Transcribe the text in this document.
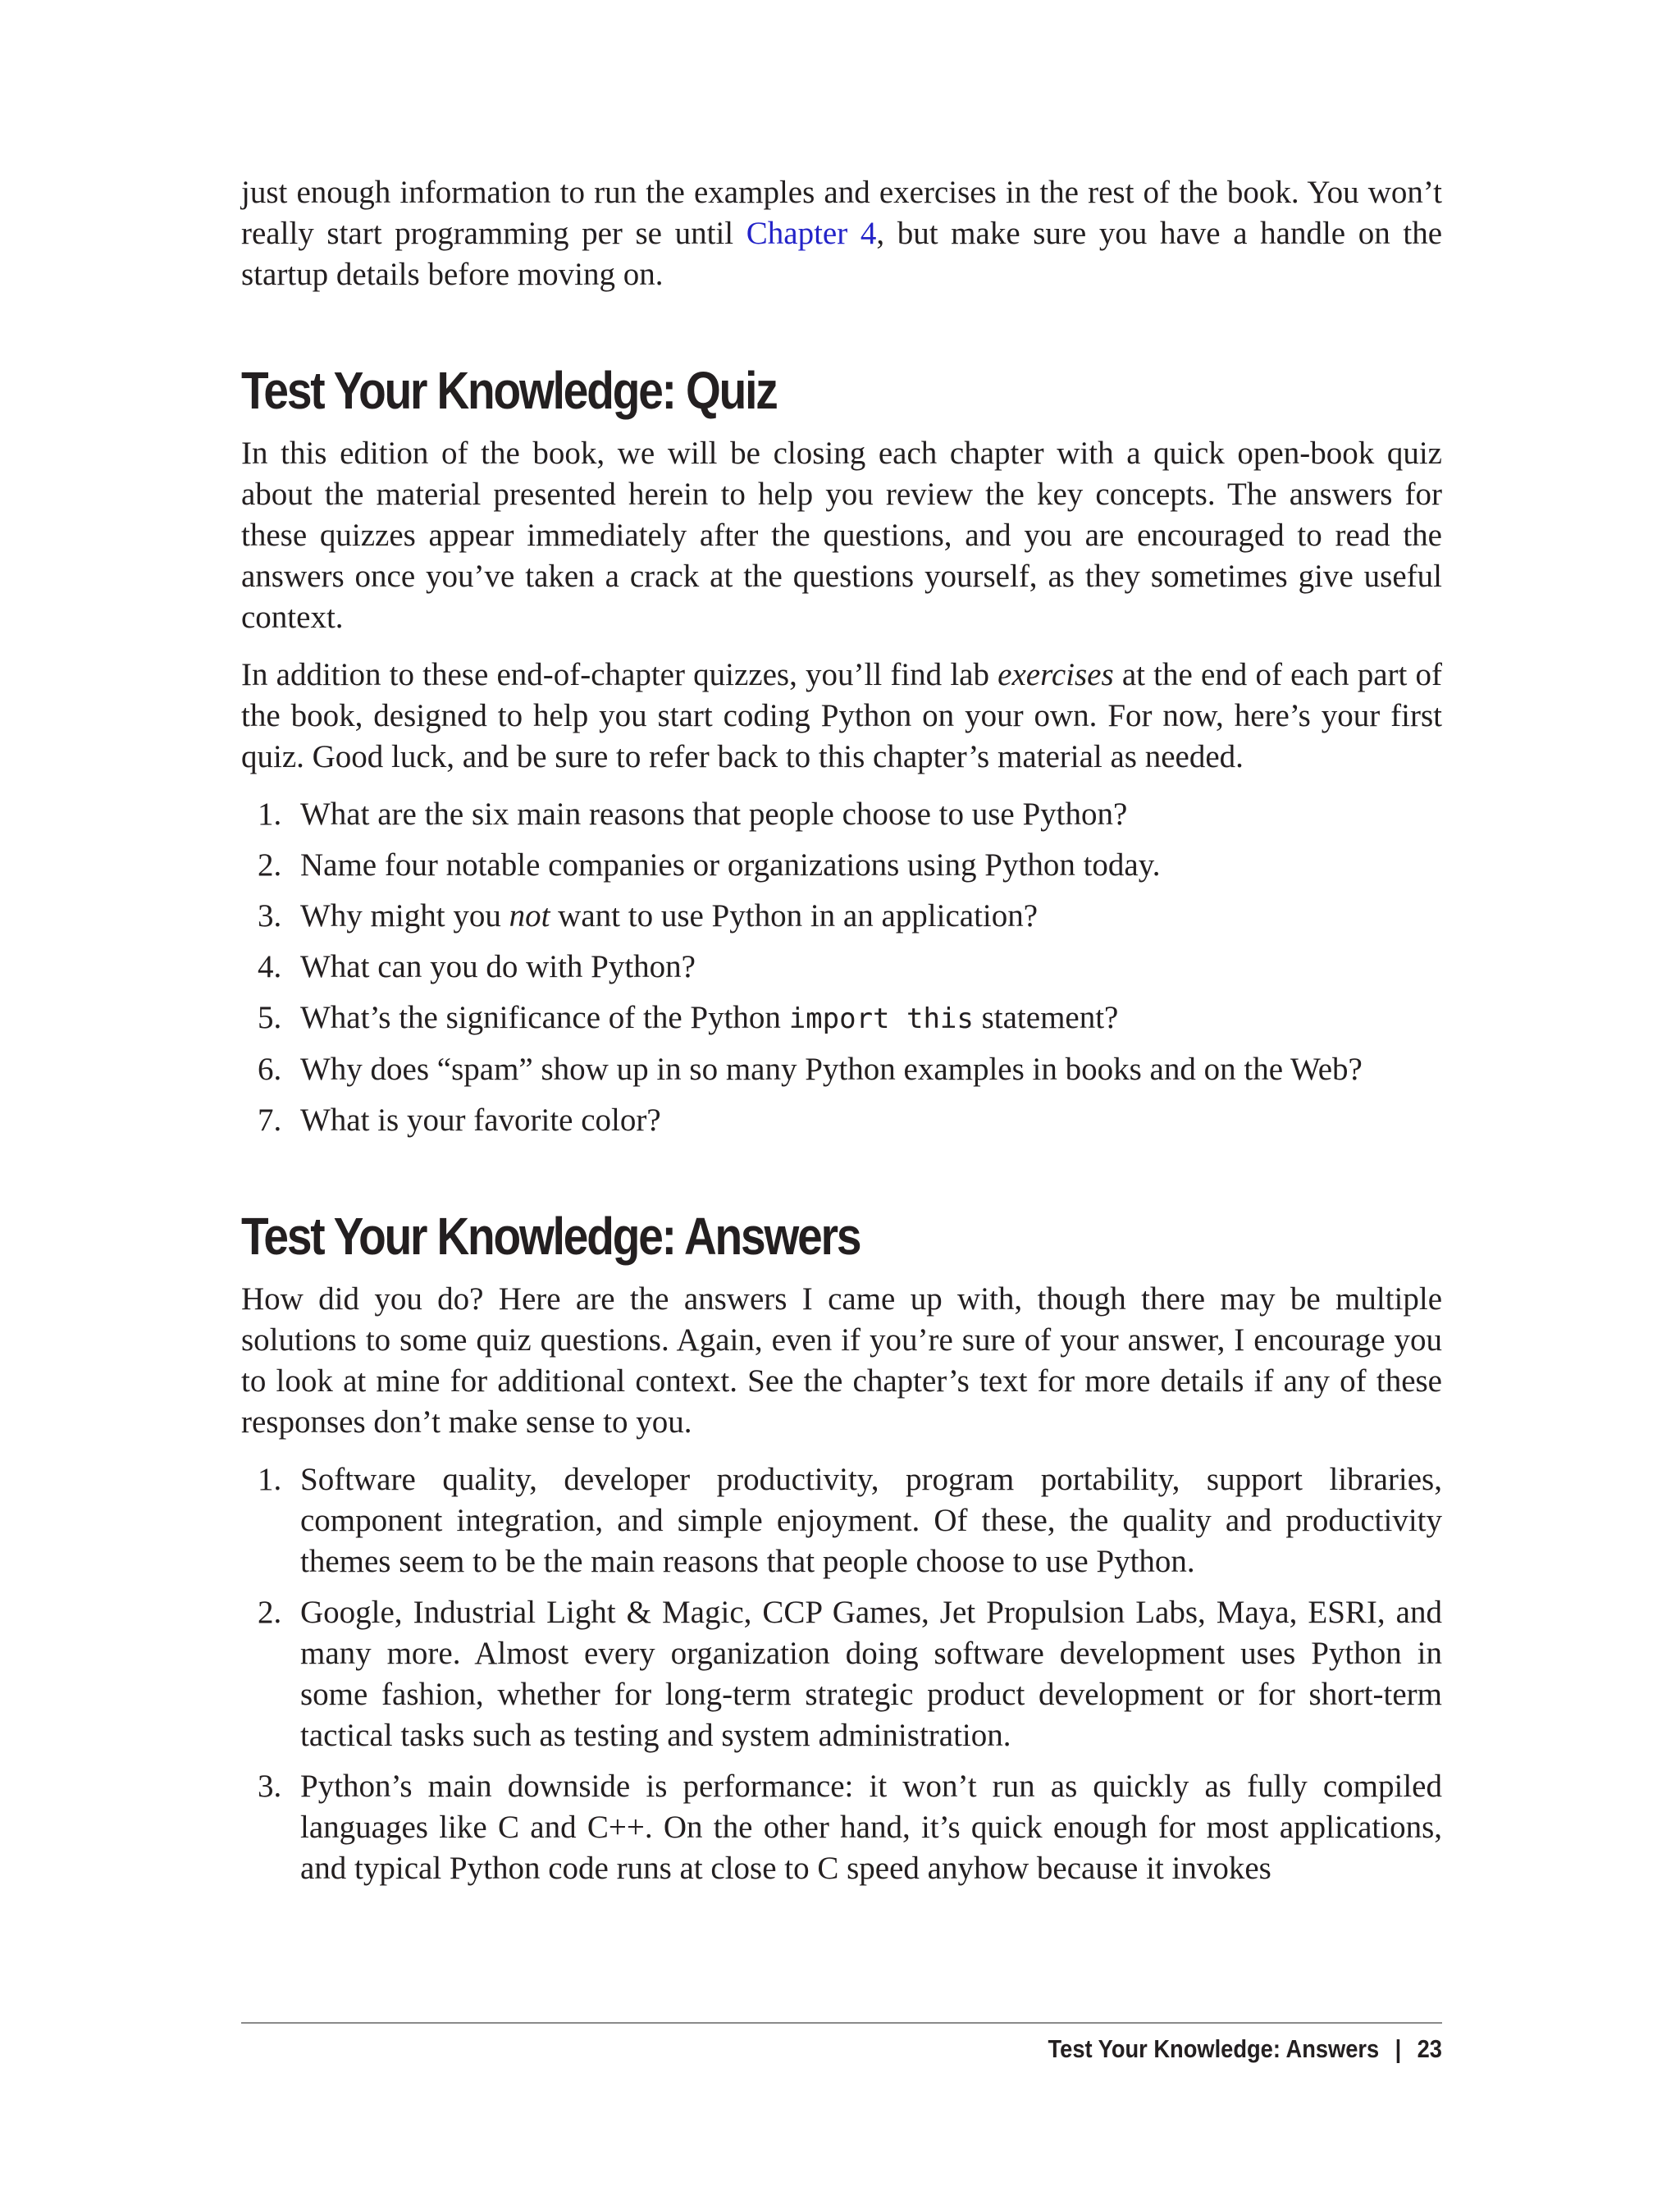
just enough information to run the examples and exercises in the rest of the book. You won’t really start programming per se until Chapter 4, but make sure you have a handle on the startup details before moving on.

Test Your Knowledge: Quiz

In this edition of the book, we will be closing each chapter with a quick open-book quiz about the material presented herein to help you review the key concepts. The answers for these quizzes appear immediately after the questions, and you are encouraged to read the answers once you’ve taken a crack at the questions yourself, as they sometimes give useful context.

In addition to these end-of-chapter quizzes, you’ll find lab exercises at the end of each part of the book, designed to help you start coding Python on your own. For now, here’s your first quiz. Good luck, and be sure to refer back to this chapter’s material as needed.

1. What are the six main reasons that people choose to use Python?
2. Name four notable companies or organizations using Python today.
3. Why might you not want to use Python in an application?
4. What can you do with Python?
5. What’s the significance of the Python import this statement?
6. Why does “spam” show up in so many Python examples in books and on the Web?
7. What is your favorite color?
Test Your Knowledge: Answers

How did you do? Here are the answers I came up with, though there may be multiple solutions to some quiz questions. Again, even if you’re sure of your answer, I encourage you to look at mine for additional context. See the chapter’s text for more details if any of these responses don’t make sense to you.

1. Software quality, developer productivity, program portability, support libraries, component integration, and simple enjoyment. Of these, the quality and productivity themes seem to be the main reasons that people choose to use Python.
2. Google, Industrial Light & Magic, CCP Games, Jet Propulsion Labs, Maya, ESRI, and many more. Almost every organization doing software development uses Python in some fashion, whether for long-term strategic product development or for short-term tactical tasks such as testing and system administration.
3. Python’s main downside is performance: it won’t run as quickly as fully compiled languages like C and C++. On the other hand, it’s quick enough for most applications, and typical Python code runs at close to C speed anyhow because it invokes
Test Your Knowledge: Answers | 23
